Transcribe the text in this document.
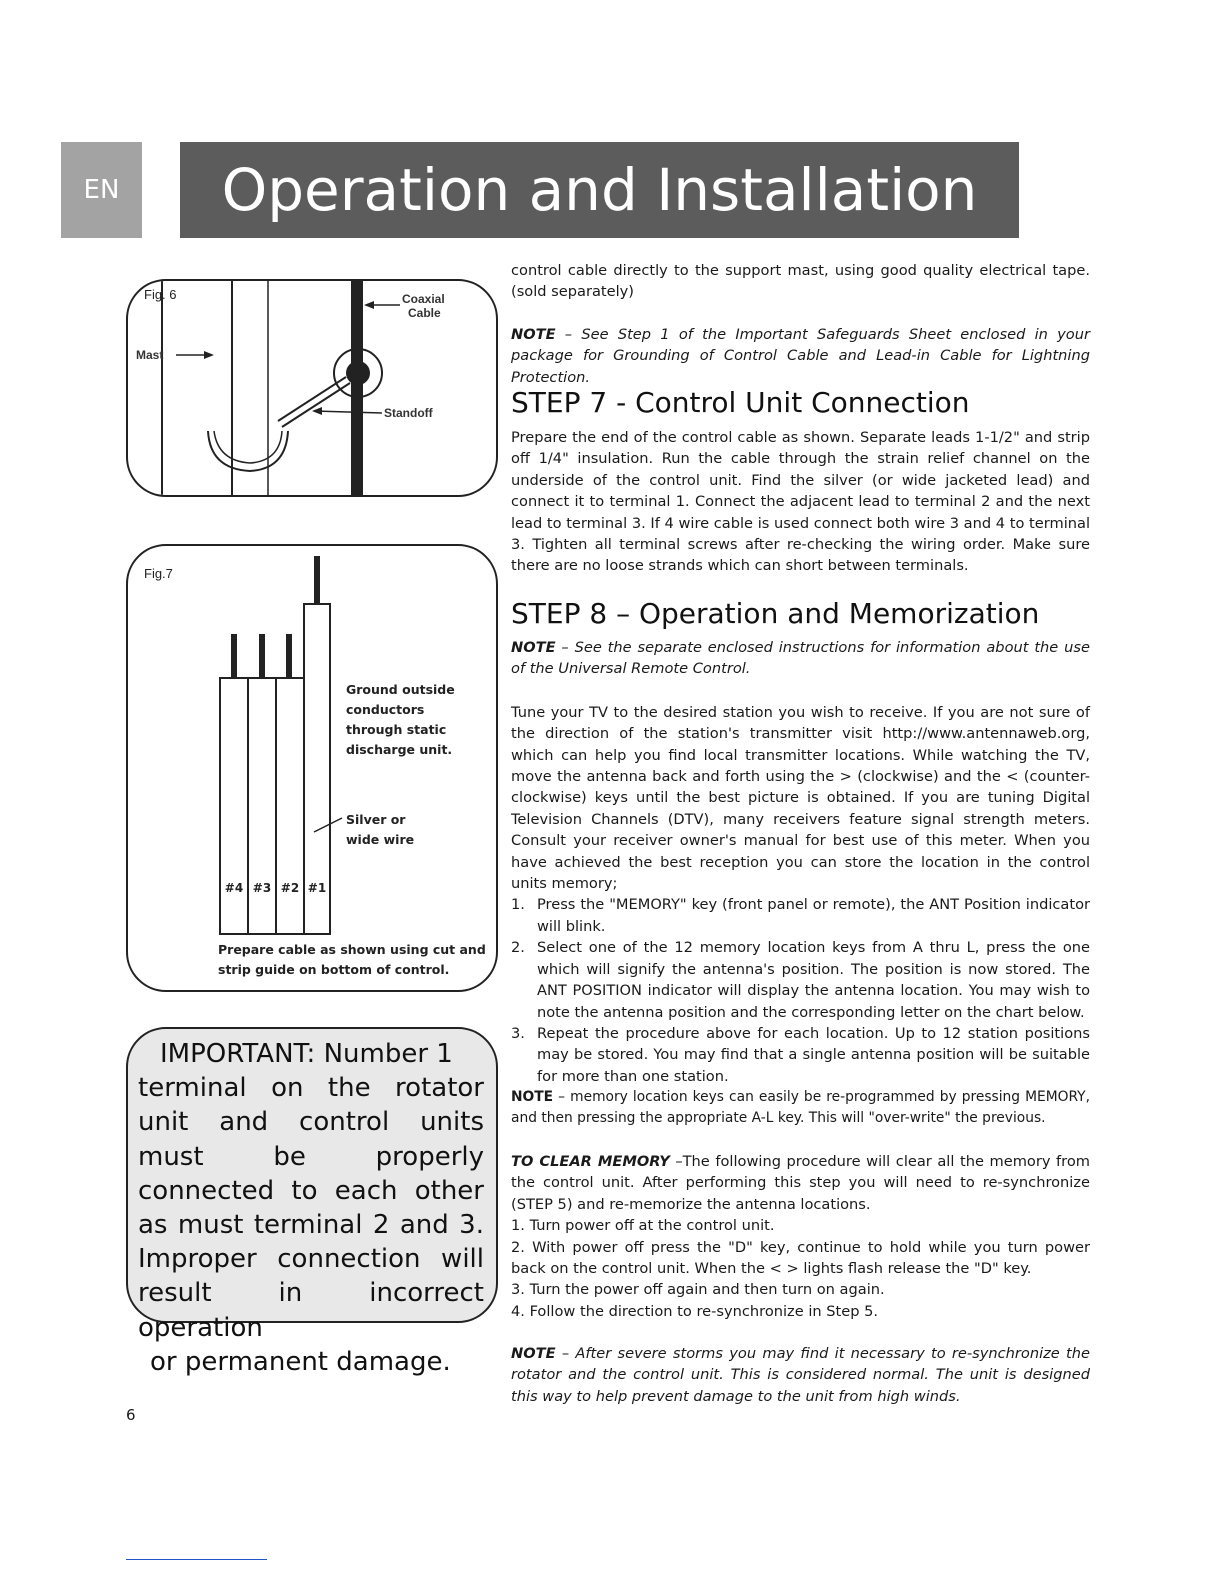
EN	Operation and Installation
Fig. 6	Coaxial
Cable
Mast
Standoff
#4 #3 #2 #1
Fig.7
Ground outside
conductors
through static
discharge unit.
Silver or
wide wire
Prepare cable as shown using cut and
strip guide on bottom of control.
IMPORTANT: Number 1
terminal on the rotator unit and control units must be properly connected to each other as must terminal 2 and 3. Improper connection will result in incorrect operation
or permanent damage.
6

control cable directly to the support mast, using good quality electrical tape. (sold separately)

NOTE – See Step 1 of the Important Safeguards Sheet enclosed in your package for Grounding of Control Cable and Lead-in Cable for Lightning Protection.

STEP 7 - Control Unit Connection

Prepare the end of the control cable as shown. Separate leads 1-1/2" and strip off 1/4" insulation. Run the cable through the strain relief channel on the underside of the control unit. Find the silver (or wide jacketed lead) and connect it to terminal 1. Connect the adjacent lead to terminal 2 and the next lead to terminal 3. If 4 wire cable is used connect both wire 3 and 4 to terminal 3. Tighten all terminal screws after re-checking the wiring order. Make sure there are no loose strands which can short between terminals.

STEP 8 – Operation and Memorization

NOTE – See the separate enclosed instructions for information about the use of the Universal Remote Control.

Tune your TV to the desired station you wish to receive. If you are not sure of the direction of the station's transmitter visit http://www.antennaweb.org, which can help you find local transmitter locations. While watching the TV, move the antenna back and forth using the > (clockwise) and the < (counter-clockwise) keys until the best picture is obtained. If you are tuning Digital Television Channels (DTV), many receivers feature signal strength meters. Consult your receiver owner's manual for best use of this meter. When you have achieved the best reception you can store the location in the control units memory;

1. Press the "MEMORY" key (front panel or remote), the ANT Position indicator will blink.
2. Select one of the 12 memory location keys from A thru L, press the one which will signify the antenna's position. The position is now stored. The ANT POSITION indicator will display the antenna location. You may wish to note the antenna position and the corresponding letter on the chart below.
3. Repeat the procedure above for each location. Up to 12 station positions may be stored. You may find that a single antenna position will be suitable for more than one station.

NOTE – memory location keys can easily be re-programmed by pressing MEMORY, and then pressing the appropriate A-L key. This will "over-write" the previous.

TO CLEAR MEMORY –The following procedure will clear all the memory from the control unit. After performing this step you will need to re-synchronize (STEP 5) and re-memorize the antenna locations.

1. Turn power off at the control unit.

2. With power off press the "D" key, continue to hold while you turn power back on the control unit. When the < > lights flash release the "D" key.

3. Turn the power off again and then turn on again.

4. Follow the direction to re-synchronize in Step 5.

NOTE – After severe storms you may find it necessary to re-synchronize the rotator and the control unit. This is considered normal. The unit is designed this way to help prevent damage to the unit from high winds.
